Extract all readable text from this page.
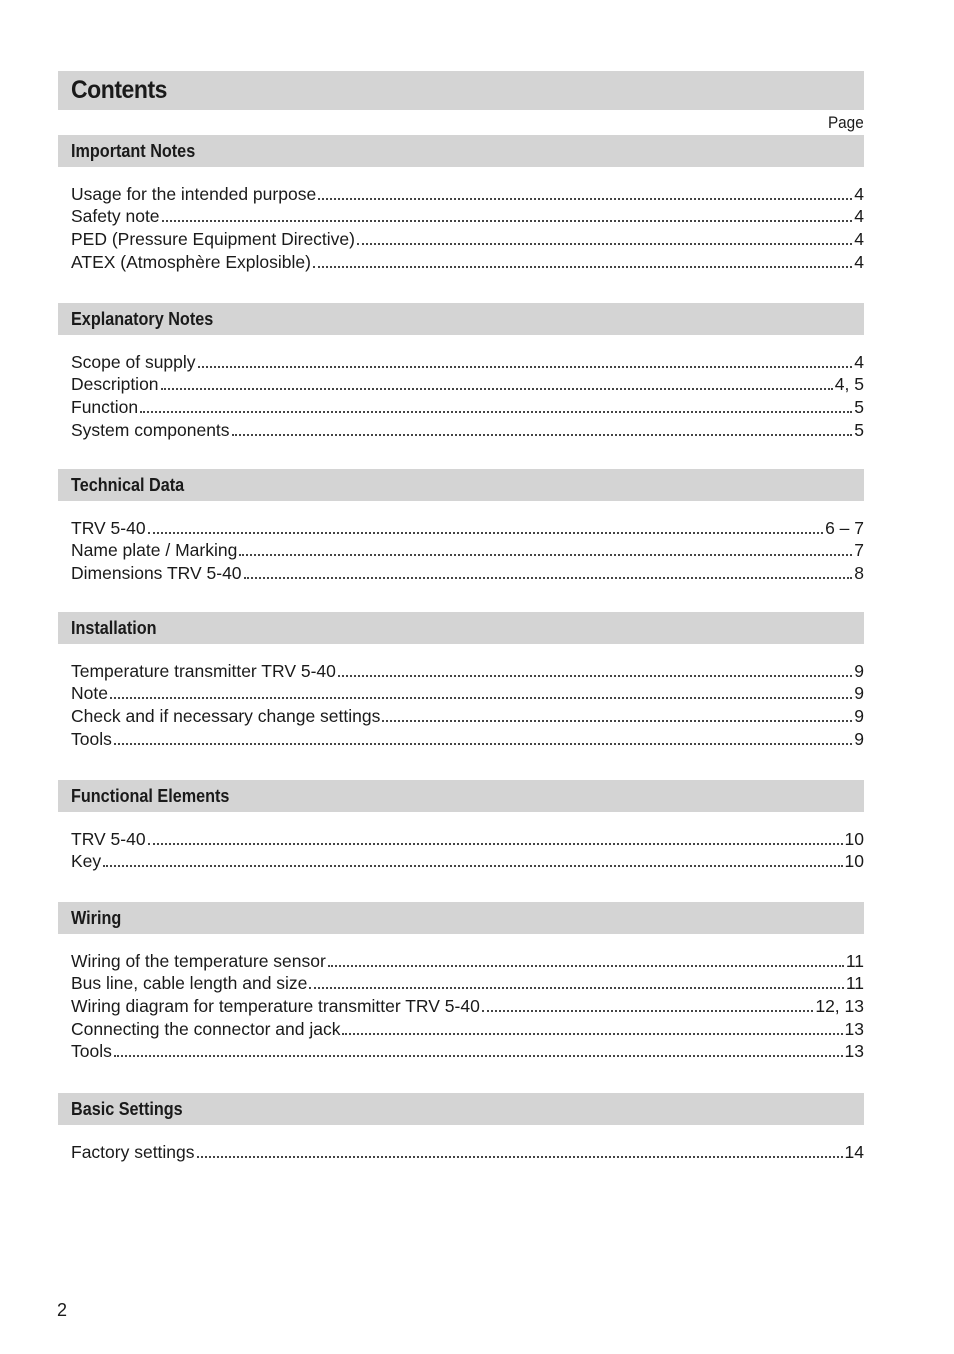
Contents
Page
Important Notes
Usage for the intended purpose	4
Safety note	4
PED (Pressure Equipment Directive)	4
ATEX (Atmosphère Explosible)	4
Explanatory Notes
Scope of supply	4
Description	4, 5
Function	5
System components	5
Technical Data
TRV 5-40	6 – 7
Name plate / Marking	7
Dimensions TRV 5-40	8
Installation
Temperature transmitter TRV 5-40	9
Note	9
Check and if necessary change settings	9
Tools	9
Functional Elements
TRV 5-40	10
Key	10
Wiring
Wiring of the temperature sensor	11
Bus line, cable length and size	11
Wiring diagram for temperature transmitter TRV 5-40	12, 13
Connecting the connector and jack	13
Tools	13
Basic Settings
Factory settings	14
2
